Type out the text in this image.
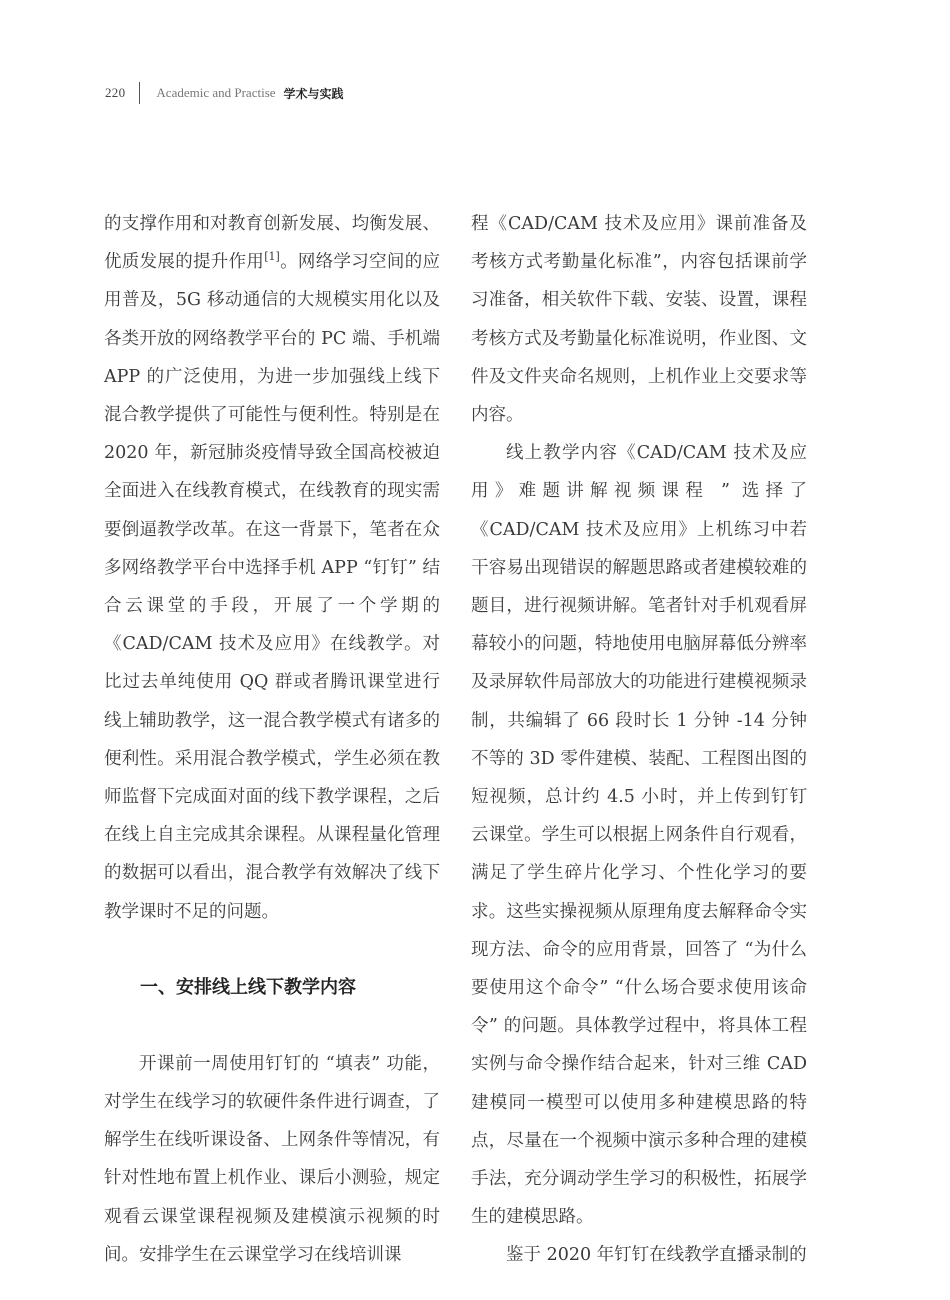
220 Academic and Practise 学术与实践

的支撑作用和对教育创新发展、均衡发展、优质发展的提升作用[1]。网络学习空间的应用普及，5G 移动通信的大规模实用化以及各类开放的网络教学平台的 PC 端、手机端 APP 的广泛使用，为进一步加强线上线下混合教学提供了可能性与便利性。特别是在 2020 年，新冠肺炎疫情导致全国高校被迫全面进入在线教育模式，在线教育的现实需要倒逼教学改革。在这一背景下，笔者在众多网络教学平台中选择手机 APP “钉钉” 结合云课堂的手段，开展了一个学期的《CAD/CAM 技术及应用》在线教学。对比过去单纯使用 QQ 群或者腾讯课堂进行线上辅助教学，这一混合教学模式有诸多的便利性。采用混合教学模式，学生必须在教师监督下完成面对面的线下教学课程，之后在线上自主完成其余课程。从课程量化管理的数据可以看出，混合教学有效解决了线下教学课时不足的问题。

一、安排线上线下教学内容

开课前一周使用钉钉的 “填表” 功能，对学生在线学习的软硬件条件进行调查，了解学生在线听课设备、上网条件等情况，有针对性地布置上机作业、课后小测验，规定观看云课堂课程视频及建模演示视频的时间。安排学生在云课堂学习在线培训课

程《CAD/CAM 技术及应用》课前准备及考核方式考勤量化标准”，内容包括课前学习准备，相关软件下载、安装、设置，课程考核方式及考勤量化标准说明，作业图、文件及文件夹命名规则，上机作业上交要求等内容。

线上教学内容《CAD/CAM 技术及应用》难题讲解视频课程 ” 选择了《CAD/CAM 技术及应用》上机练习中若干容易出现错误的解题思路或者建模较难的题目，进行视频讲解。笔者针对手机观看屏幕较小的问题，特地使用电脑屏幕低分辨率及录屏软件局部放大的功能进行建模视频录制，共编辑了 66 段时长 1 分钟 -14 分钟不等的 3D 零件建模、装配、工程图出图的短视频，总计约 4.5 小时，并上传到钉钉云课堂。学生可以根据上网条件自行观看，满足了学生碎片化学习、个性化学习的要求。这些实操视频从原理角度去解释命令实现方法、命令的应用背景，回答了 “为什么要使用这个命令” “什么场合要求使用该命令” 的问题。具体教学过程中，将具体工程实例与命令操作结合起来，针对三维 CAD 建模同一模型可以使用多种建模思路的特点，尽量在一个视频中演示多种合理的建模手法，充分调动学生学习的积极性，拓展学生的建模思路。

鉴于 2020 年钉钉在线教学直播录制的
